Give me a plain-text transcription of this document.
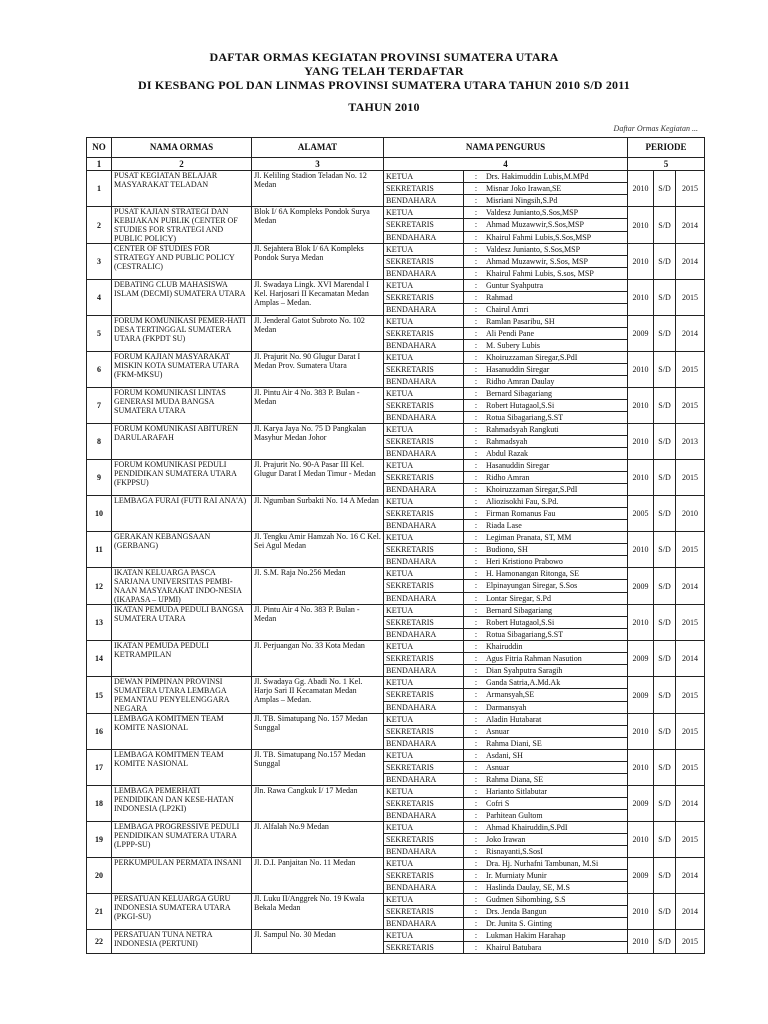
DAFTAR ORMAS KEGIATAN PROVINSI SUMATERA UTARA
YANG TELAH TERDAFTAR
DI KESBANG POL DAN LINMAS PROVINSI SUMATERA UTARA TAHUN 2010 S/D 2011
TAHUN 2010
Daftar Ormas Kegiatan ...
NO	NAMA ORMAS	ALAMAT	NAMA PENGURUS		PERIODE		
1	2	3	4		5		
1	PUSAT KEGIATAN BELAJAR MASYARAKAT TELADAN	Jl. Keliling Stadion Teladan No. 12 Medan	KETUA	: Drs. Hakimuddin Lubis,M.MPd	2010	S/D	2015
			SEKRETARIS	: Misnar Joko Irawan,SE			
			BENDAHARA	: Misriani Ningsih,S.Pd			
2	PUSAT KAJIAN STRATEGI DAN KEBIJAKAN PUBLIK (CENTER OF STUDIES FOR STRATEGI AND PUBLIC POLICY)	Blok I/ 6A Kompleks Pondok Surya Medan	KETUA	: Valdesz Junianto,S.Sos,MSP	2010	S/D	2014
			SEKRETARIS	: Ahmad Muzawwir,S.Sos,MSP			
			BENDAHARA	: Khairul Fahmi Lubis,S.Sos,MSP			
3	CENTER OF STUDIES FOR STRATEGY AND PUBLIC POLICY (CESTRALIC)	Jl. Sejahtera Blok I/ 6A Kompleks Pondok Surya Medan	KETUA	: Valdesz Junianto, S.Sos,MSP	2010	S/D	2014
			SEKRETARIS	: Ahmad Muzawwir, S.Sos, MSP			
			BENDAHARA	: Khairul Fahmi Lubis, S.sos, MSP			
4	DEBATING CLUB MAHASISWA ISLAM (DECMI) SUMATERA UTARA	Jl. Swadaya Lingk. XVI Marendal I Kel. Harjosari II Kecamatan Medan Amplas – Medan.	KETUA	: Guntur Syahputra	2010	S/D	2015
			SEKRETARIS	: Rahmad			
			BENDAHARA	: Chairul Amri			
5	FORUM KOMUNIKASI PEMER-HATI DESA TERTINGGAL SUMATERA UTARA (FKPDT SU)	Jl. Jenderal Gatot Subroto No. 102 Medan	KETUA	: Ramlan Pasaribu, SH	2009	S/D	2014
			SEKRETARIS	: Ali Pendi Pane			
			BENDAHARA	: M. Subery Lubis			
6	FORUM KAJIAN MASYARAKAT MISKIN KOTA SUMATERA UTARA (FKM-MKSU)	Jl. Prajurit No. 90 Glugur Darat I Medan Prov. Sumatera Utara	KETUA	: Khoiruzzaman Siregar,S.PdI	2010	S/D	2015
			SEKRETARIS	: Hasanuddin Siregar			
			BENDAHARA	: Ridho Amran Daulay			
7	FORUM KOMUNIKASI LINTAS GENERASI MUDA BANGSA SUMATERA UTARA	Jl. Pintu Air 4 No. 383 P. Bulan - Medan	KETUA	: Bernard Sibagariang	2010	S/D	2015
			SEKRETARIS	: Robert Hutagaol,S.Si			
			BENDAHARA	: Rotua Sibagariang,S.ST			
8	FORUM KOMUNIKASI ABITUREN DARULARAFAH	Jl. Karya Jaya No. 75 D Pangkalan Masyhur Medan Johor	KETUA	: Rahmadsyah Rangkuti	2010	S/D	2013
			SEKRETARIS	: Rahmadsyah			
			BENDAHARA	: Abdul Razak			
9	FORUM KOMUNIKASI PEDULI PENDIDIKAN SUMATERA UTARA (FKPPSU)	Jl. Prajurit No. 90-A Pasar III Kel. Glugur Darat I Medan Timur - Medan	KETUA	: Hasanuddin Siregar	2010	S/D	2015
			SEKRETARIS	: Ridho Amran			
			BENDAHARA	: Khoiruzzaman Siregar,S.PdI			
10	LEMBAGA FURAI (FUTI RAI ANA'A)	Jl. Ngumban Surbakti No. 14 A Medan	KETUA	: Aliozisokhi Fau, S.Pd.	2005	S/D	2010
			SEKRETARIS	: Firman Romanus Fau			
			BENDAHARA	: Riada Lase			
11	GERAKAN KEBANGSAAN (GERBANG)	Jl. Tengku Amir Hamzah No. 16 C Kel. Sei Agul Medan	KETUA	: Legiman Pranata, ST, MM	2010	S/D	2015
			SEKRETARIS	: Budiono, SH			
			BENDAHARA	: Heri Kristiono Prabowo			
12	IKATAN KELUARGA PASCA SARJANA UNIVERSITAS PEMBI-NAAN MASYARAKAT INDO-NESIA (IKAPASA – UPMI)	Jl. S.M. Raja No.256 Medan	KETUA	: H. Hamonangan Ritonga, SE	2009	S/D	2014
			SEKRETARIS	: Elpinayungan Siregar, S.Sos			
			BENDAHARA	: Lontar Siregar, S.Pd			
13	IKATAN PEMUDA PEDULI BANGSA SUMATERA UTARA	Jl. Pintu Air 4 No. 383 P. Bulan - Medan	KETUA	: Bernard Sibagariang	2010	S/D	2015
			SEKRETARIS	: Robert Hutagaol,S.Si			
			BENDAHARA	: Rotua Sibagariang,S.ST			
14	IKATAN PEMUDA PEDULI KETRAMPILAN	Jl. Perjuangan No. 33 Kota Medan	KETUA	: Khairuddin	2009	S/D	2014
			SEKRETARIS	: Agus Fitria Rahman Nasution			
			BENDAHARA	: Dian Syahputra Saragih			
15	DEWAN PIMPINAN PROVINSI SUMATERA UTARA LEMBAGA PEMANTAU PENYELENGGARA NEGARA	Jl. Swadaya Gg. Abadi No. 1 Kel. Harjo Sari II Kecamatan Medan Amplas – Medan.	KETUA	: Ganda Satria,A.Md.Ak	2009	S/D	2015
			SEKRETARIS	: Armansyah,SE			
			BENDAHARA	: Darmansyah			
16	LEMBAGA KOMITMEN TEAM KOMITE NASIONAL	Jl. TB. Simatupang No. 157 Medan Sunggal	KETUA	: Aladin Hutabarat	2010	S/D	2015
			SEKRETARIS	: Asnuar			
			BENDAHARA	: Rahma Diani, SE			
17	LEMBAGA KOMITMEN TEAM KOMITE NASIONAL	Jl. TB. Simatupang No.157 Medan Sunggal	KETUA	: Asdani, SH	2010	S/D	2015
			SEKRETARIS	: Asnuar			
			BENDAHARA	: Rahma Diana, SE			
18	LEMBAGA PEMERHATI PENDIDIKAN DAN KESE-HATAN INDONESIA (LP2KI)	Jln. Rawa Cangkuk I/ 17 Medan	KETUA	: Harianto Sitlabutar	2009	S/D	2014
			SEKRETARIS	: Cofri S			
			BENDAHARA	: Parhitean Gultom			
19	LEMBAGA PROGRESSIVE PEDULI PENDIDIKAN SUMATERA UTARA (LPPP-SU)	Jl. Alfalah No.9 Medan	KETUA	: Ahmad Khairuddin,S.PdI	2010	S/D	2015
			SEKRETARIS	: Joko Irawan			
			BENDAHARA	: Risnayanti,S.SosI			
20	PERKUMPULAN PERMATA INSANI	Jl. D.I. Panjaitan No. 11 Medan	KETUA	: Dra. Hj. Nurhafni Tambunan, M.Si	2009	S/D	2014
			SEKRETARIS	: Ir. Murniaty Munir			
			BENDAHARA	: Haslinda Daulay, SE, M.S			
21	PERSATUAN KELUARGA GURU INDONESIA SUMATERA UTARA (PKGI-SU)	Jl. Luku II/Anggrek No. 19 Kwala Bekala Medan	KETUA	: Gudmen Sihombing, S.S	2010	S/D	2014
			SEKRETARIS	: Drs. Jenda Bangun			
			BENDAHARA	: Dr. Junita S. Ginting			
22	PERSATUAN TUNA NETRA INDONESIA (PERTUNI)	Jl. Sampul No. 30 Medan	KETUA	: Lukman Hakim Harahap	2010	S/D	2015
			SEKRETARIS	: Khairul Batubara			
